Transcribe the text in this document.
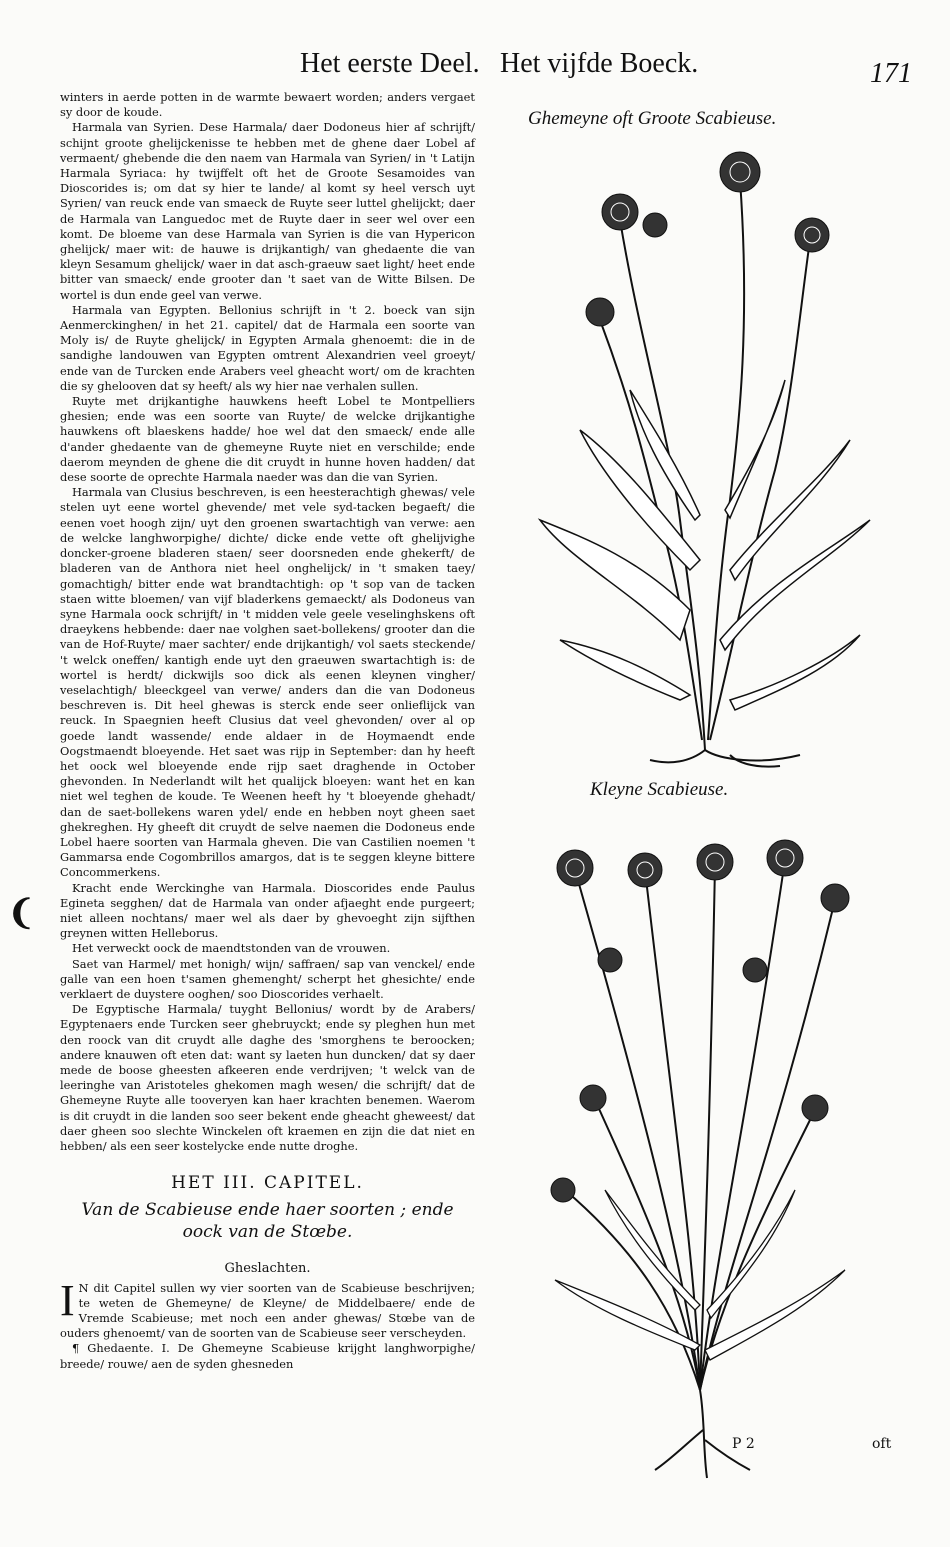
Het eerste Deel. Het vijfde Boeck.	171
❨

winters in aerde potten in de warmte bewaert worden; anders vergaet sy door de koude.

Harmala van Syrien. Dese Harmala/ daer Dodoneus hier af schrijft/ schijnt groote ghelijckenisse te hebben met de ghene daer Lobel af vermaent/ ghebende die den naem van Harmala van Syrien/ in 't Latijn Harmala Syriaca: hy twijffelt oft het de Groote Sesamoides van Dioscorides is; om dat sy hier te lande/ al komt sy heel versch uyt Syrien/ van reuck ende van smaeck de Ruyte seer luttel ghelijckt; daer de Harmala van Languedoc met de Ruyte daer in seer wel over een komt. De bloeme van dese Harmala van Syrien is die van Hypericon ghelijck/ maer wit: de hauwe is drijkantigh/ van ghedaente die van kleyn Sesamum ghelijck/ waer in dat asch-graeuw saet light/ heet ende bitter van smaeck/ ende grooter dan 't saet van de Witte Bilsen. De wortel is dun ende geel van verwe.

Harmala van Egypten. Bellonius schrijft in 't 2. boeck van sijn Aenmerckinghen/ in het 21. capitel/ dat de Harmala een soorte van Moly is/ de Ruyte ghelijck/ in Egypten Armala ghenoemt: die in de sandighe landouwen van Egypten omtrent Alexandrien veel groeyt/ ende van de Turcken ende Arabers veel gheacht wort/ om de krachten die sy ghelooven dat sy heeft/ als wy hier nae verhalen sullen.

Ruyte met drijkantighe hauwkens heeft Lobel te Montpelliers ghesien; ende was een soorte van Ruyte/ de welcke drijkantighe hauwkens oft blaeskens hadde/ hoe wel dat den smaeck/ ende alle d'ander ghedaente van de ghemeyne Ruyte niet en verschilde; ende daerom meynden de ghene die dit cruydt in hunne hoven hadden/ dat dese soorte de oprechte Harmala naeder was dan die van Syrien.

Harmala van Clusius beschreven, is een heesterachtigh ghewas/ vele stelen uyt eene wortel ghevende/ met vele syd-tacken begaeft/ die eenen voet hoogh zijn/ uyt den groenen swartachtigh van verwe: aen de welcke langhworpighe/ dichte/ dicke ende vette oft ghelijvighe doncker-groene bladeren staen/ seer doorsneden ende ghekerft/ de bladeren van de Anthora niet heel onghelijck/ in 't smaken taey/ gomachtigh/ bitter ende wat brandtachtigh: op 't sop van de tacken staen witte bloemen/ van vijf bladerkens gemaeckt/ als Dodoneus van syne Harmala oock schrijft/ in 't midden vele geele veselinghskens oft draeykens hebbende: daer nae volghen saet-bollekens/ grooter dan die van de Hof-Ruyte/ maer sachter/ ende drijkantigh/ vol saets steckende/ 't welck oneffen/ kantigh ende uyt den graeuwen swartachtigh is: de wortel is herdt/ dickwijls soo dick als eenen kleynen vingher/ veselachtigh/ bleeckgeel van verwe/ anders dan die van Dodoneus beschreven is. Dit heel ghewas is sterck ende seer onlieflijck van reuck. In Spaegnien heeft Clusius dat veel ghevonden/ over al op goede landt wassende/ ende aldaer in de Hoymaendt ende Oogstmaendt bloeyende. Het saet was rijp in September: dan hy heeft het oock wel bloeyende ende rijp saet draghende in October ghevonden. In Nederlandt wilt het qualijck bloeyen: want het en kan niet wel teghen de koude. Te Weenen heeft hy 't bloeyende ghehadt/ dan de saet-bollekens waren ydel/ ende en hebben noyt gheen saet ghekreghen. Hy gheeft dit cruydt de selve naemen die Dodoneus ende Lobel haere soorten van Harmala gheven. Die van Castilien noemen 't Gammarsa ende Cogombrillos amargos, dat is te seggen kleyne bittere Concommerkens.

Kracht ende Werckinghe van Harmala. Dioscorides ende Paulus Egineta segghen/ dat de Harmala van onder afjaeght ende purgeert; niet alleen nochtans/ maer wel als daer by ghevoeght zijn sijfthen greynen witten Helleborus.

Het verweckt oock de maendtstonden van de vrouwen.

Saet van Harmel/ met honigh/ wijn/ saffraen/ sap van venckel/ ende galle van een hoen t'samen ghemenght/ scherpt het ghesichte/ ende verklaert de duystere ooghen/ soo Dioscorides verhaelt.

De Egyptische Harmala/ tuyght Bellonius/ wordt by de Arabers/ Egyptenaers ende Turcken seer ghebruyckt; ende sy pleghen hun met den roock van dit cruydt alle daghe des 'smorghens te beroocken; andere knauwen oft eten dat: want sy laeten hun duncken/ dat sy daer mede de boose gheesten afkeeren ende verdrijven; 't welck van de leeringhe van Aristoteles ghekomen magh wesen/ die schrijft/ dat de Ghemeyne Ruyte alle tooveryen kan haer krachten benemen. Waerom is dit cruydt in die landen soo seer bekent ende gheacht gheweest/ dat daer gheen soo slechte Winckelen oft kraemen en zijn die dat niet en hebben/ als een seer kostelycke ende nutte droghe.

HET III. CAPITEL.

Van de Scabieuse ende haer soorten ; ende
oock van de Stœbe.

Gheslachten.

I N dit Capitel sullen wy vier soorten van de Scabieuse beschrijven; te weten de Ghemeyne/ de Kleyne/ de Middelbaere/ ende de Vremde Scabieuse; met noch een ander ghewas/ Stœbe van de ouders ghenoemt/ van de soorten van de Scabieuse seer verscheyden.

¶ Ghedaente. I. De Ghemeyne Scabieuse krijght langhworpighe/ breede/ rouwe/ aen de syden ghesneden

Ghemeyne oft Groote Scabieuse.
Kleyne Scabieuse.
P 2	oft
